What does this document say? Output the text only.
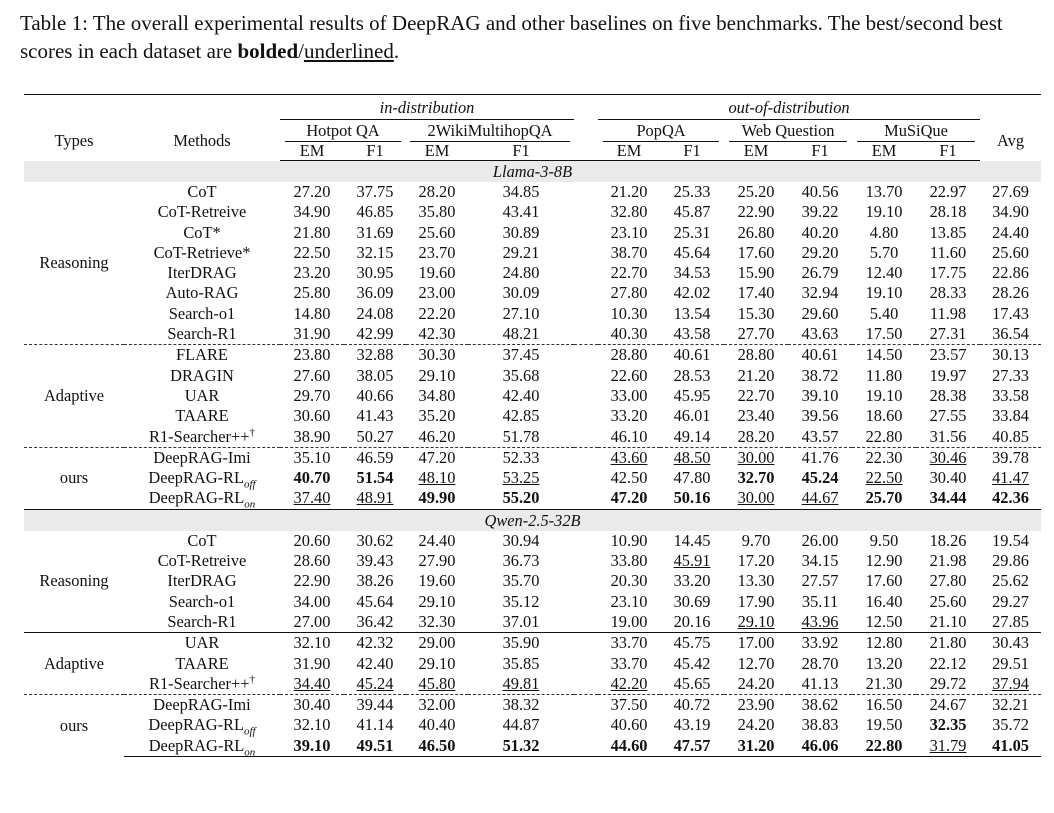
Table 1: The overall experimental results of DeepRAG and other baselines on five benchmarks. The best/second best scores in each dataset are bolded/underlined.
		in-distribution					out-of-distribution						
Types	Methods	Hotpot QA		2WikiMultihopQA			PopQA		Web Question		MuSiQue		Avg
		EM	F1	EM	F1		EM	F1	EM	F1	EM	F1	
Llama-3-8B													
Reasoning	CoT	27.20	37.75	28.20	34.85		21.20	25.33	25.20	40.56	13.70	22.97	27.69
	CoT-Retreive	34.90	46.85	35.80	43.41		32.80	45.87	22.90	39.22	19.10	28.18	34.90
	CoT*	21.80	31.69	25.60	30.89		23.10	25.31	26.80	40.20	4.80	13.85	24.40
	CoT-Retrieve*	22.50	32.15	23.70	29.21		38.70	45.64	17.60	29.20	5.70	11.60	25.60
	IterDRAG	23.20	30.95	19.60	24.80		22.70	34.53	15.90	26.79	12.40	17.75	22.86
	Auto-RAG	25.80	36.09	23.00	30.09		27.80	42.02	17.40	32.94	19.10	28.33	28.26
	Search-o1	14.80	24.08	22.20	27.10		10.30	13.54	15.30	29.60	5.40	11.98	17.43
	Search-R1	31.90	42.99	42.30	48.21		40.30	43.58	27.70	43.63	17.50	27.31	36.54
Adaptive	FLARE	23.80	32.88	30.30	37.45		28.80	40.61	28.80	40.61	14.50	23.57	30.13
	DRAGIN	27.60	38.05	29.10	35.68		22.60	28.53	21.20	38.72	11.80	19.97	27.33
	UAR	29.70	40.66	34.80	42.40		33.00	45.95	22.70	39.10	19.10	28.38	33.58
	TAARE	30.60	41.43	35.20	42.85		33.20	46.01	23.40	39.56	18.60	27.55	33.84
	R1-Searcher++†	38.90	50.27	46.20	51.78		46.10	49.14	28.20	43.57	22.80	31.56	40.85
ours	DeepRAG-Imi	35.10	46.59	47.20	52.33		43.60	48.50	30.00	41.76	22.30	30.46	39.78
	DeepRAG-$RL_{off}$	40.70	51.54	48.10	53.25		42.50	47.80	32.70	45.24	22.50	30.40	41.47
	DeepRAG-$RL_{on}$	37.40	48.91	49.90	55.20		47.20	50.16	30.00	44.67	25.70	34.44	42.36
Qwen-2.5-32B													
Reasoning	CoT	20.60	30.62	24.40	30.94		10.90	14.45	9.70	26.00	9.50	18.26	19.54
	CoT-Retreive	28.60	39.43	27.90	36.73		33.80	45.91	17.20	34.15	12.90	21.98	29.86
	IterDRAG	22.90	38.26	19.60	35.70		20.30	33.20	13.30	27.57	17.60	27.80	25.62
	Search-o1	34.00	45.64	29.10	35.12		23.10	30.69	17.90	35.11	16.40	25.60	29.27
	Search-R1	27.00	36.42	32.30	37.01		19.00	20.16	29.10	43.96	12.50	21.10	27.85
Adaptive	UAR	32.10	42.32	29.00	35.90		33.70	45.75	17.00	33.92	12.80	21.80	30.43
	TAARE	31.90	42.40	29.10	35.85		33.70	45.42	12.70	28.70	13.20	22.12	29.51
	R1-Searcher++†	34.40	45.24	45.80	49.81		42.20	45.65	24.20	41.13	21.30	29.72	37.94
ours	DeepRAG-Imi	30.40	39.44	32.00	38.32		37.50	40.72	23.90	38.62	16.50	24.67	32.21
	DeepRAG-$RL_{off}$	32.10	41.14	40.40	44.87		40.60	43.19	24.20	38.83	19.50	32.35	35.72
	DeepRAG-$RL_{on}$	39.10	49.51	46.50	51.32		44.60	47.57	31.20	46.06	22.80	31.79	41.05
